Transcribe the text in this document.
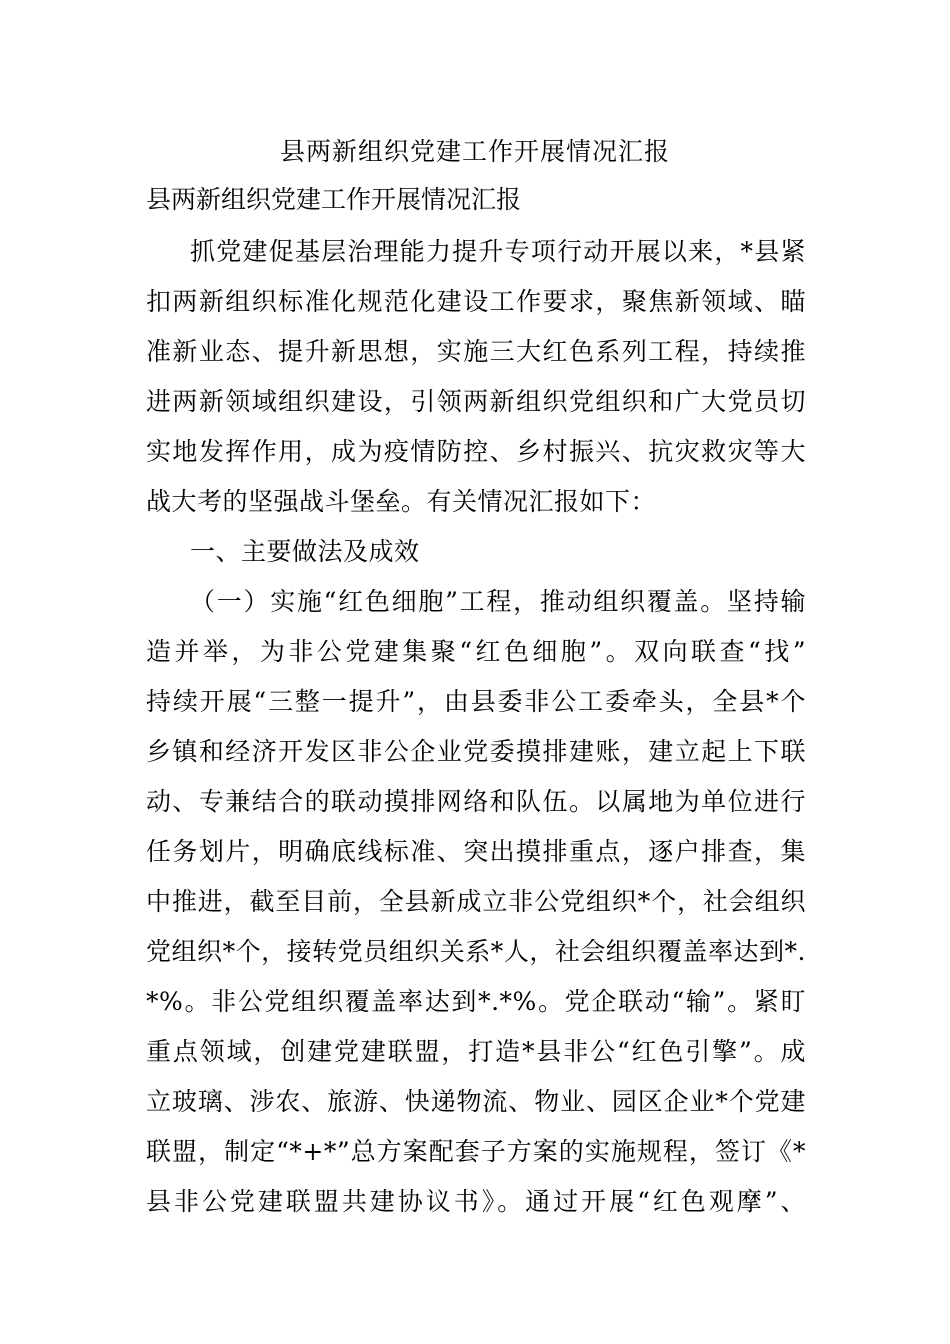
县两新组织党建工作开展情况汇报
县两新组织党建工作开展情况汇报
抓党建促基层治理能力提升专项行动开展以来，*县紧
扣两新组织标准化规范化建设工作要求，聚焦新领域、瞄
准新业态、提升新思想，实施三大红色系列工程，持续推
进两新领域组织建设，引领两新组织党组织和广大党员切
实地发挥作用，成为疫情防控、乡村振兴、抗灾救灾等大
战大考的坚强战斗堡垒。有关情况汇报如下：
一、主要做法及成效
（一）实施“红色细胞”工程，推动组织覆盖。坚持输
造并举，为非公党建集聚“红色细胞”。双向联查“找”
持续开展“三整一提升”，由县委非公工委牵头，全县*个
乡镇和经济开发区非公企业党委摸排建账，建立起上下联
动、专兼结合的联动摸排网络和队伍。以属地为单位进行
任务划片，明确底线标准、突出摸排重点，逐户排查，集
中推进，截至目前，全县新成立非公党组织*个，社会组织
党组织*个，接转党员组织关系*人，社会组织覆盖率达到*.
*%。非公党组织覆盖率达到*.*%。党企联动“输”。紧盯
重点领域，创建党建联盟，打造*县非公“红色引擎”。成
立玻璃、涉农、旅游、快递物流、物业、园区企业*个党建
联盟，制定“*+*”总方案配套子方案的实施规程，签订《*
县非公党建联盟共建协议书》。通过开展“红色观摩”、
